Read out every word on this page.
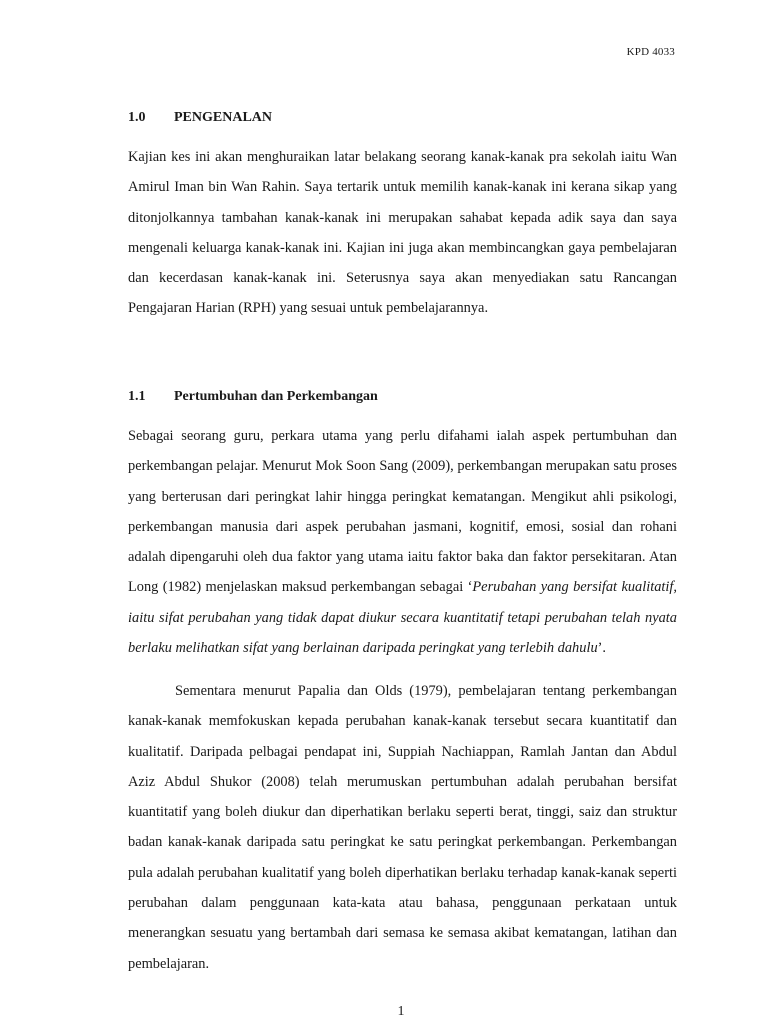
KPD 4033
1.0 PENGENALAN

Kajian kes ini akan menghuraikan latar belakang seorang kanak-kanak pra sekolah iaitu Wan Amirul Iman bin Wan Rahin. Saya tertarik untuk memilih kanak-kanak ini kerana sikap yang ditonjolkannya tambahan kanak-kanak ini merupakan sahabat kepada adik saya dan saya mengenali keluarga kanak-kanak ini. Kajian ini juga akan membincangkan gaya pembelajaran dan kecerdasan kanak-kanak ini. Seterusnya saya akan menyediakan satu Rancangan Pengajaran Harian (RPH) yang sesuai untuk pembelajarannya.

1.1 Pertumbuhan dan Perkembangan

Sebagai seorang guru, perkara utama yang perlu difahami ialah aspek pertumbuhan dan perkembangan pelajar. Menurut Mok Soon Sang (2009), perkembangan merupakan satu proses yang berterusan dari peringkat lahir hingga peringkat kematangan. Mengikut ahli psikologi, perkembangan manusia dari aspek perubahan jasmani, kognitif, emosi, sosial dan rohani adalah dipengaruhi oleh dua faktor yang utama iaitu faktor baka dan faktor persekitaran. Atan Long (1982) menjelaskan maksud perkembangan sebagai ‘Perubahan yang bersifat kualitatif, iaitu sifat perubahan yang tidak dapat diukur secara kuantitatif tetapi perubahan telah nyata berlaku melihatkan sifat yang berlainan daripada peringkat yang terlebih dahulu’.

Sementara menurut Papalia dan Olds (1979), pembelajaran tentang perkembangan kanak-kanak memfokuskan kepada perubahan kanak-kanak tersebut secara kuantitatif dan kualitatif. Daripada pelbagai pendapat ini, Suppiah Nachiappan, Ramlah Jantan dan Abdul Aziz Abdul Shukor (2008) telah merumuskan pertumbuhan adalah perubahan bersifat kuantitatif yang boleh diukur dan diperhatikan berlaku seperti berat, tinggi, saiz dan struktur badan kanak-kanak daripada satu peringkat ke satu peringkat perkembangan. Perkembangan pula adalah perubahan kualitatif yang boleh diperhatikan berlaku terhadap kanak-kanak seperti perubahan dalam penggunaan kata-kata atau bahasa, penggunaan perkataan untuk menerangkan sesuatu yang bertambah dari semasa ke semasa akibat kematangan, latihan dan pembelajaran.

1
